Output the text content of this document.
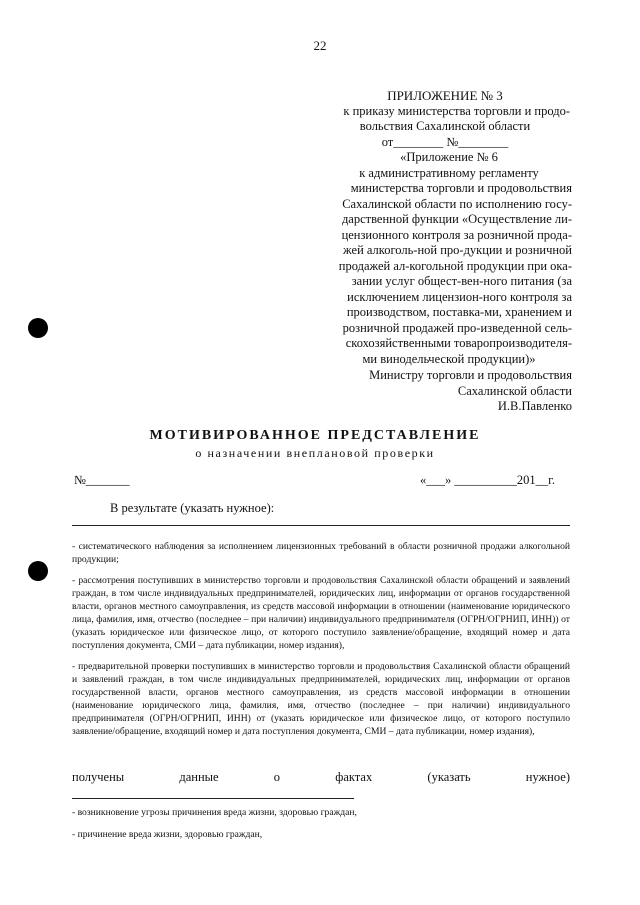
22
ПРИЛОЖЕНИЕ № 3
к приказу министерства торговли и продо-
вольствия Сахалинской области
от________ №________
«Приложение № 6
к административному регламенту
министерства торговли и продовольствия
Сахалинской области по исполнению госу-
дарственной функции «Осуществление ли-
цензионного контроля за розничной прода-
жей алкоголь-ной про-дукции и розничной
продажей ал-когольной продукции при ока-
зании услуг общест-вен-ного питания (за
исключением лицензион-ного контроля за
производством, поставка-ми, хранением и
розничной продажей про-изведенной сель-
скохозяйственными товаропроизводителя-
ми винодельческой продукции)»
Министру торговли и продовольствия
Сахалинской области
И.В.Павленко
МОТИВИРОВАННОЕ ПРЕДСТАВЛЕНИЕ
о назначении внеплановой проверки
№_______	«___» __________201__г.
В результате (указать нужное):
- систематического наблюдения за исполнением лицензионных требований в области розничной продажи алкогольной продукции;
- рассмотрения поступивших в министерство торговли и продовольствия Сахалинской области обращений и заявлений граждан, в том числе индивидуальных предпринимателей, юридических лиц, информации от органов государственной власти, органов местного самоуправления, из средств массовой информации в отношении (наименование юридического лица, фамилия, имя, отчество (последнее – при наличии) индивидуального предпринимателя (ОГРН/ОГРНИП, ИНН)) от (указать юридическое или физическое лицо, от которого поступило заявление/обращение, входящий номер и дата поступления документа, СМИ – дата публикации, номер издания),
- предварительной проверки поступивших в министерство торговли и продовольствия Сахалинской области обращений и заявлений граждан, в том числе индивидуальных предпринимателей, юридических лиц, информации от органов государственной власти, органов местного самоуправления, из средств массовой информации в отношении (наименование юридического лица, фамилия, имя, отчество (последнее – при наличии) индивидуального предпринимателя (ОГРН/ОГРНИП, ИНН) от (указать юридическое или физическое лицо, от которого поступило заявление/обращение, входящий номер и дата поступления документа, СМИ – дата публикации, номер издания),
получены	данные	о	фактах	(указать	нужное)
- возникновение угрозы причинения вреда жизни, здоровью граждан,
- причинение вреда жизни, здоровью граждан,
